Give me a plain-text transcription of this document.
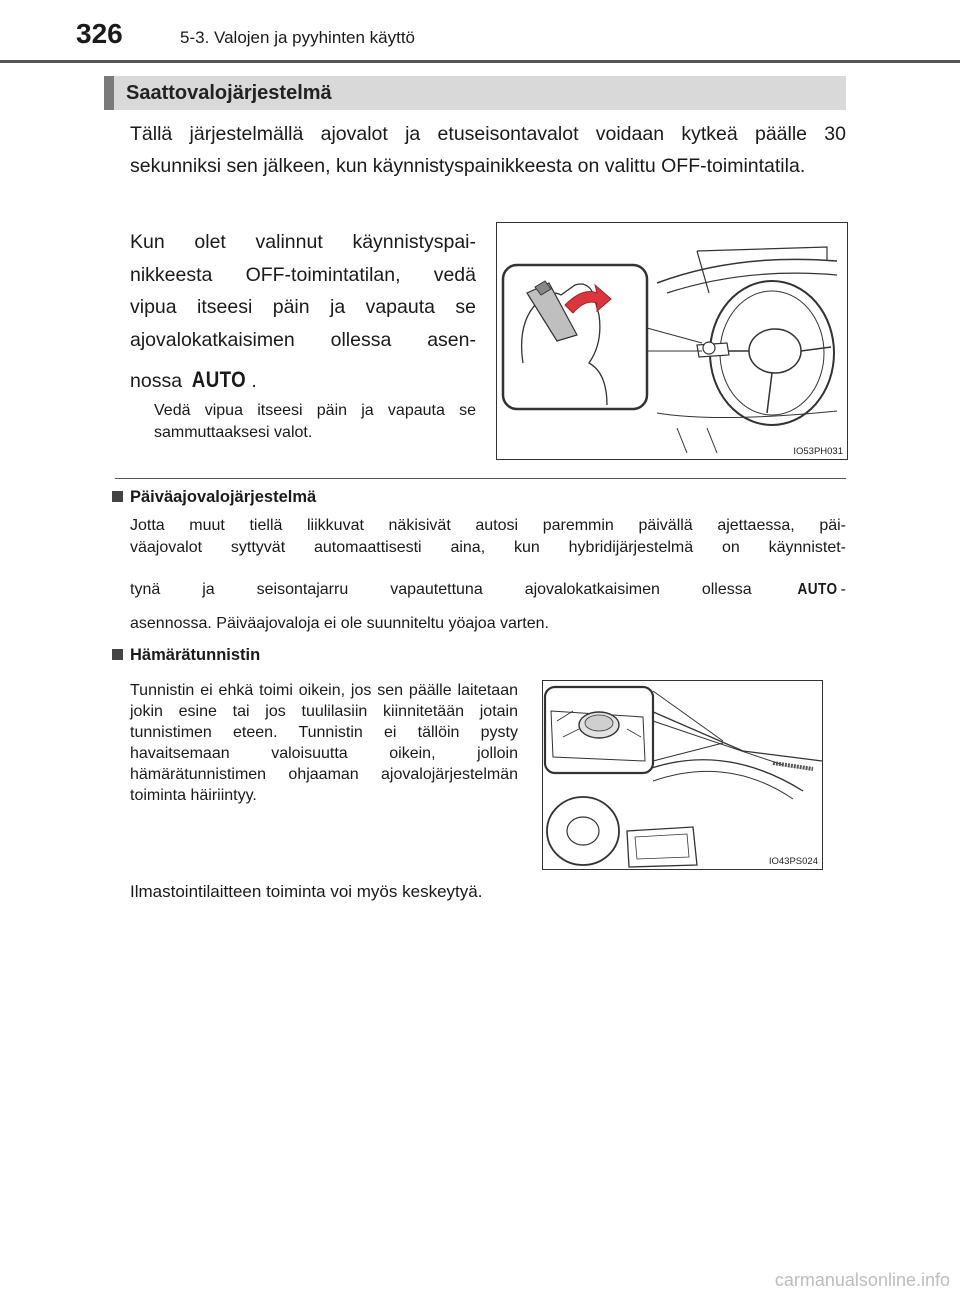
326	5-3. Valojen ja pyyhinten käyttö
Saattovalojärjestelmä
Tällä järjestelmällä ajovalot ja etuseisontavalot voidaan kytkeä päälle 30 sekunniksi sen jälkeen, kun käynnistyspainikkeesta on valittu OFF-toimintatila.
Kun olet valinnut käynnistyspai-
nikkeesta OFF-toimintatilan, vedä
vipua itseesi päin ja vapauta se
ajovalokatkaisimen ollessa asen-
nossa AUTO .
Vedä vipua itseesi päin ja vapauta se sammuttaaksesi valot.
IO53PH031
Päiväajovalojärjestelmä
Jotta muut tiellä liikkuvat näkisivät autosi paremmin päivällä ajettaessa, päi-
väajovalot syttyvät automaattisesti aina, kun hybridijärjestelmä on käynnistet-
tynä ja seisontajarru vapautettuna ajovalokatkaisimen ollessa	AUTO -
asennossa. Päiväajovaloja ei ole suunniteltu yöajoa varten.
Hämärätunnistin
Tunnistin ei ehkä toimi oikein, jos sen päälle laitetaan jokin esine tai jos tuulilasiin kiinnitetään jotain tunnistimen eteen. Tunnistin ei tällöin pysty havaitsemaan valoisuutta oikein, jolloin hämärätunnistimen ohjaaman ajovalojärjestelmän toiminta häiriintyy.
IO43PS024
Ilmastointilaitteen toiminta voi myös keskeytyä.
carmanualsonline.info
